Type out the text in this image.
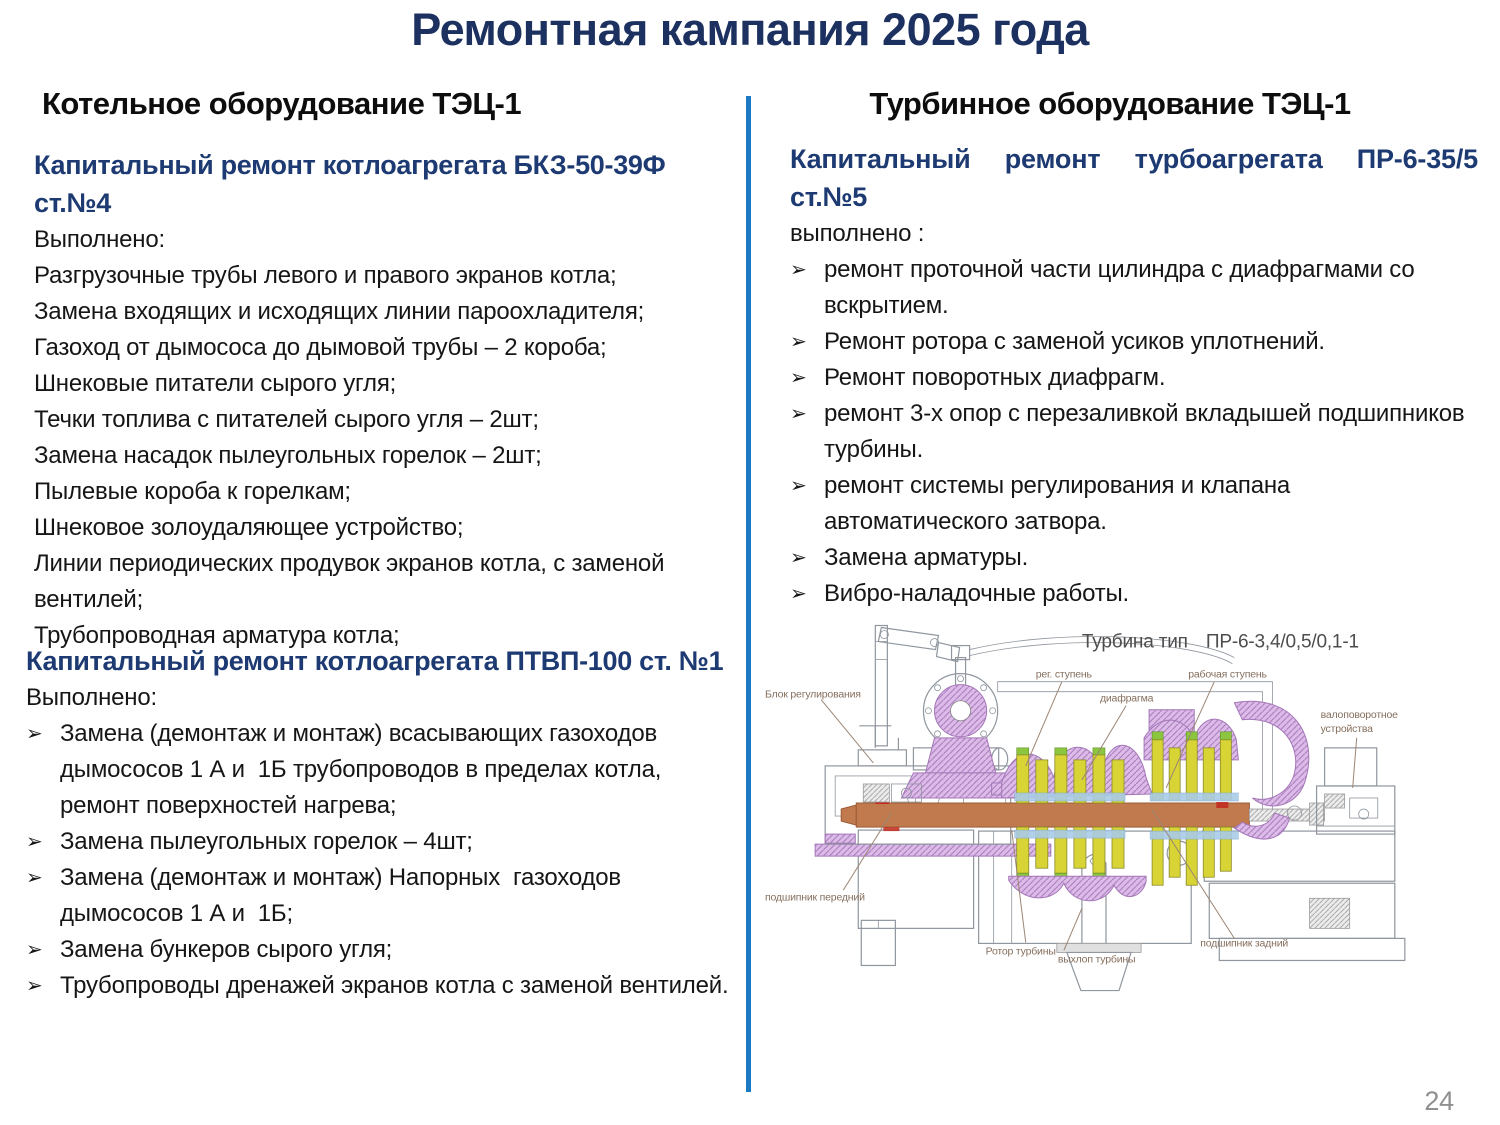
Ремонтная кампания 2025 года
Котельное оборудование ТЭЦ-1	Турбинное оборудование ТЭЦ-1
Капитальный ремонт котлоагрегата БКЗ-50-39Ф
ст.№4
Выполнено:
Разгрузочные трубы левого и правого экранов котла;
Замена входящих и исходящих линии пароохладителя;
Газоход от дымососа до дымовой трубы – 2 короба;
Шнековые питатели сырого угля;
Течки топлива с питателей сырого угля – 2шт;
Замена насадок пылеугольных горелок – 2шт;
Пылевые короба к горелкам;
Шнековое золоудаляющее устройство;
Линии периодических продувок экранов котла, с заменой вентилей;
Трубопроводная арматура котла;
Капитальный ремонт котлоагрегата ПТВП-100 ст. №1
Выполнено:
➢ Замена (демонтаж и монтаж) всасывающих газоходов дымососов 1 А и  1Б трубопроводов в пределах котла, ремонт поверхностей нагрева;
➢ Замена пылеугольных горелок – 4шт;
➢ Замена (демонтаж и монтаж) Напорных  газоходов дымососов 1 А и  1Б;
➢ Замена бункеров сырого угля;
➢ Трубопроводы дренажей экранов котла с заменой вентилей.
Капитальный ремонт турбоагрегата ПР-6-35/5
ст.№5
выполнено :
➢ ремонт проточной части цилиндра с диафрагмами со вскрытием.
➢ Ремонт ротора с заменой усиков уплотнений.
➢ Ремонт поворотных диафрагм.
➢ ремонт 3-х опор с перезаливкой вкладышей подшипников турбины.
➢ ремонт системы регулирования и клапана автоматического затвора.
➢ Замена арматуры.
➢ Вибро-наладочные работы.
Турбина тип ПР-6-3,4/0,5/0,1-1
Блок регулирования
рег. ступень
диафрагма
рабочая ступень
валоповоротное
устройства
подшипник передний
Ротор турбины
выхлоп турбины
подшипник задний
24
